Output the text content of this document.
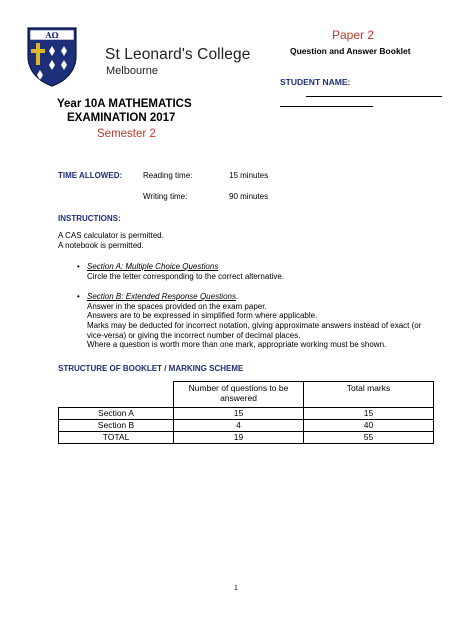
AΩ
St Leonard's College
Melbourne
Paper 2
Question and Answer Booklet
STUDENT NAME:
Year 10A MATHEMATICS
EXAMINATION 2017
Semester 2
TIME ALLOWED:	Reading time:	15 minutes
Writing time:	90 minutes
INSTRUCTIONS:
A CAS calculator is permitted.
A notebook is permitted.
• Section A: Multiple Choice Questions
Circle the letter corresponding to the correct alternative.
• Section B: Extended Response Questions.
Answer in the spaces provided on the exam paper.
Answers are to be expressed in simplified form where applicable.
Marks may be deducted for incorrect notation, giving approximate answers instead of exact (or
vice-versa) or giving the incorrect number of decimal places.
Where a question is worth more than one mark, appropriate working must be shown.
STRUCTURE OF BOOKLET / MARKING SCHEME
	Number of questions to be answered	Total marks
Section A	15	15
Section B	4	40
TOTAL	19	55
1
